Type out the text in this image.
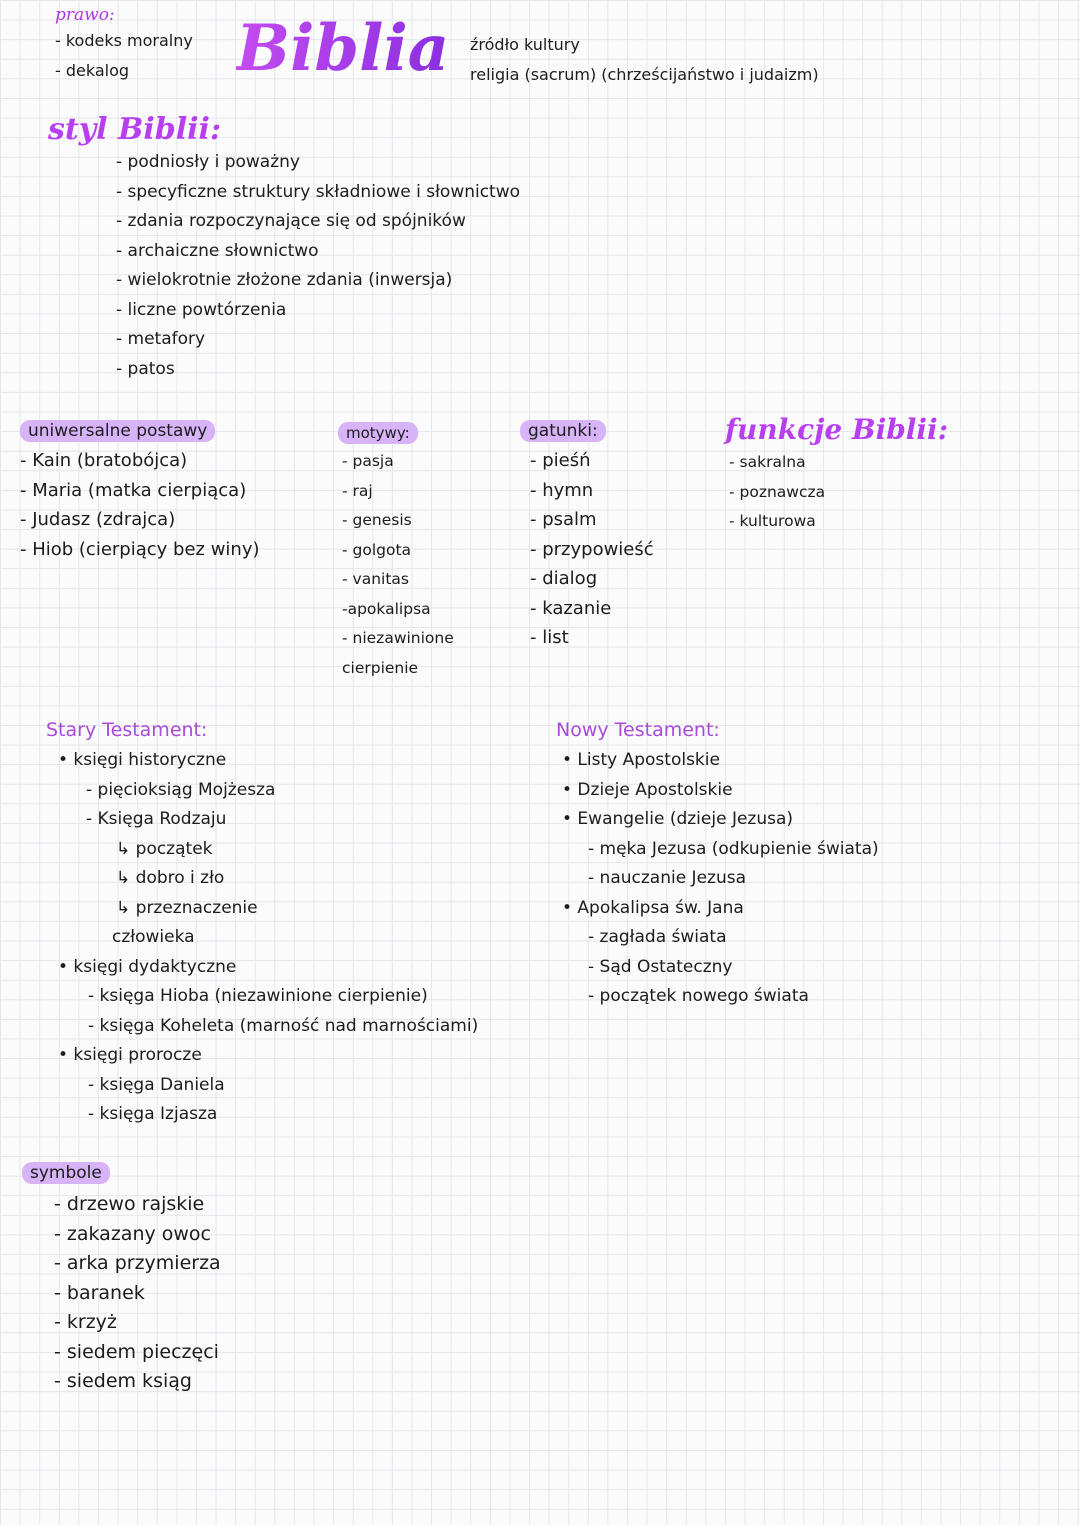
prawo:
- kodeks moralny
- dekalog	Biblia źródło kultury
religia (sacrum) (chrześcijaństwo i judaizm)
styl Biblii:
- podniosły i poważny
- specyficzne struktury składniowe i słownictwo
- zdania rozpoczynające się od spójników
- archaiczne słownictwo
- wielokrotnie złożone zdania (inwersja)
- liczne powtórzenia
- metafory
- patos
uniwersalne postawy
- Kain (bratobójca)
- Maria (matka cierpiąca)
- Judasz (zdrajca)
- Hiob (cierpiący bez winy)
motywy:
- pasja
- raj
- genesis
- golgota
- vanitas
-apokalipsa
- niezawinione
cierpienie
gatunki:
- pieśń
- hymn
- psalm
- przypowieść
- dialog
- kazanie
- list
funkcje Biblii:
- sakralna
- poznawcza
- kulturowa
Stary Testament:
• księgi historyczne
- pięcioksiąg Mojżesza
- Księga Rodzaju
↳ początek
↳ dobro i zło
↳ przeznaczenie
człowieka
• księgi dydaktyczne
- księga Hioba (niezawinione cierpienie)
- księga Koheleta (marność nad marnościami)
• księgi prorocze
- księga Daniela
- księga Izjasza
Nowy Testament:
• Listy Apostolskie
• Dzieje Apostolskie
• Ewangelie (dzieje Jezusa)
- męka Jezusa (odkupienie świata)
- nauczanie Jezusa
• Apokalipsa św. Jana
- zagłada świata
- Sąd Ostateczny
- początek nowego świata
symbole
- drzewo rajskie
- zakazany owoc
- arka przymierza
- baranek
- krzyż
- siedem pieczęci
- siedem ksiąg
